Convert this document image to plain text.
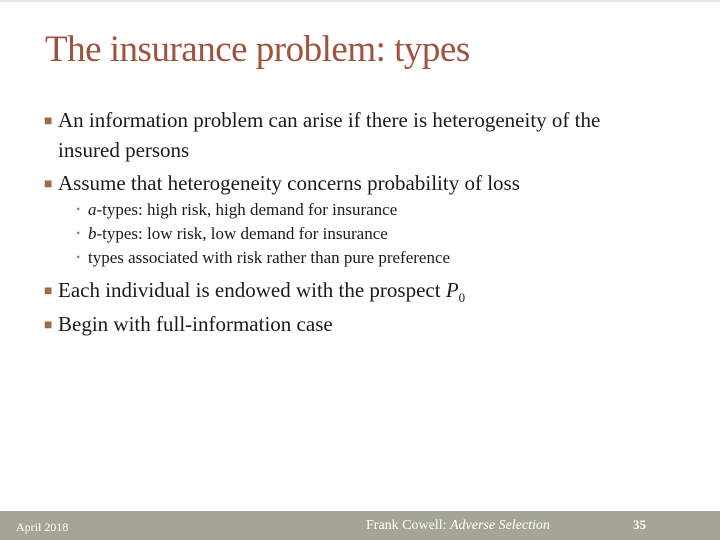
The insurance problem: types
■ An information problem can arise if there is heterogeneity of the
insured persons
■ Assume that heterogeneity concerns probability of loss
• a-types: high risk, high demand for insurance
• b-types: low risk, low demand for insurance
• types associated with risk rather than pure preference
■ Each individual is endowed with the prospect $P_0$
■ Begin with full-information case
April 2018	Frank Cowell: Adverse Selection	35
